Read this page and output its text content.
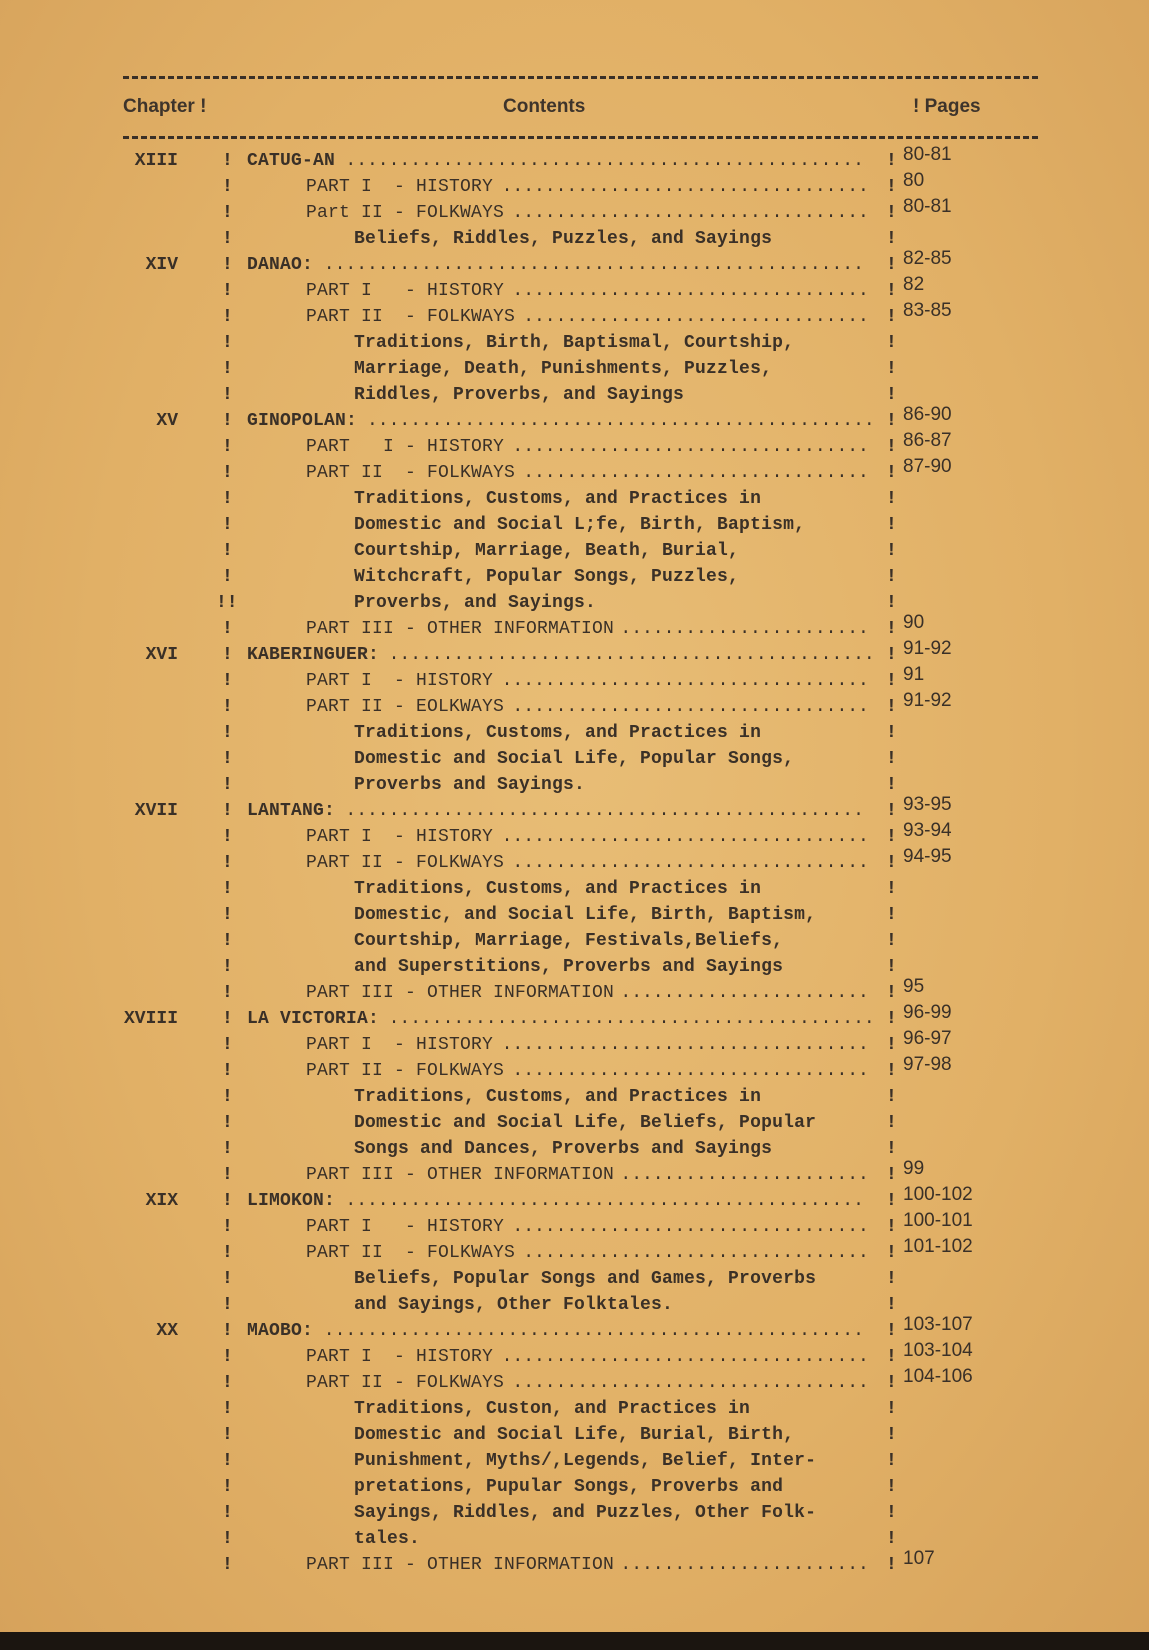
Chapter !	Contents	! Pages
XIII ! CATUG-AN ................................................	! 80-81
!	PART I  - HISTORY .................................. ! 80
!	Part II - FOLKWAYS ................................. ! 80-81
!	Beliefs, Riddles, Puzzles, and Sayings	!
XIV ! DANAO: ..................................................	! 82-85
!	PART I   - HISTORY ................................. ! 82
!	PART II  - FOLKWAYS ................................ ! 83-85
!	Traditions, Birth, Baptismal, Courtship,	!
!	Marriage, Death, Punishments, Puzzles,	!
!	Riddles, Proverbs, and Sayings	!
XV ! GINOPOLAN: ............................................... ! 86-90
!	PART   I - HISTORY ................................. ! 86-87
!	PART II  - FOLKWAYS ................................ ! 87-90
!	Traditions, Customs, and Practices in	!
!	Domestic and Social L;fe, Birth, Baptism,	!
!	Courtship, Marriage, Beath, Burial,	!
!	Witchcraft, Popular Songs, Puzzles,	!
!!	Proverbs, and Sayings.	!
!	PART III - OTHER INFORMATION ....................... ! 90
XVI ! KABERINGUER: ............................................. ! 91-92
!	PART I  - HISTORY .................................. ! 91
!	PART II - EOLKWAYS ................................. ! 91-92
!	Traditions, Customs, and Practices in	!
!	Domestic and Social Life, Popular Songs,	!
!	Proverbs and Sayings.	!
XVII ! LANTANG: ................................................	! 93-95
!	PART I  - HISTORY .................................. ! 93-94
!	PART II - FOLKWAYS ................................. ! 94-95
!	Traditions, Customs, and Practices in	!
!	Domestic, and Social Life, Birth, Baptism,	!
!	Courtship, Marriage, Festivals,Beliefs,	!
!	and Superstitions, Proverbs and Sayings	!
!	PART III - OTHER INFORMATION ....................... ! 95
XVIII ! LA VICTORIA: ............................................. ! 96-99
!	PART I  - HISTORY .................................. ! 96-97
!	PART II - FOLKWAYS ................................. ! 97-98
!	Traditions, Customs, and Practices in	!
!	Domestic and Social Life, Beliefs, Popular	!
!	Songs and Dances, Proverbs and Sayings	!
!	PART III - OTHER INFORMATION ....................... ! 99
XIX ! LIMOKON: ................................................	! 100-102
!	PART I   - HISTORY ................................. ! 100-101
!	PART II  - FOLKWAYS ................................ ! 101-102
!	Beliefs, Popular Songs and Games, Proverbs	!
!	and Sayings, Other Folktales.	!
XX ! MAOBO: ..................................................	! 103-107
!	PART I  - HISTORY .................................. ! 103-104
!	PART II - FOLKWAYS ................................. ! 104-106
!	Traditions, Custon, and Practices in	!
!	Domestic and Social Life, Burial, Birth,	!
!	Punishment, Myths/,Legends, Belief, Inter-	!
!	pretations, Pupular Songs, Proverbs and	!
!	Sayings, Riddles, and Puzzles, Other Folk-	!
!	tales.	!
!	PART III - OTHER INFORMATION ....................... ! 107
